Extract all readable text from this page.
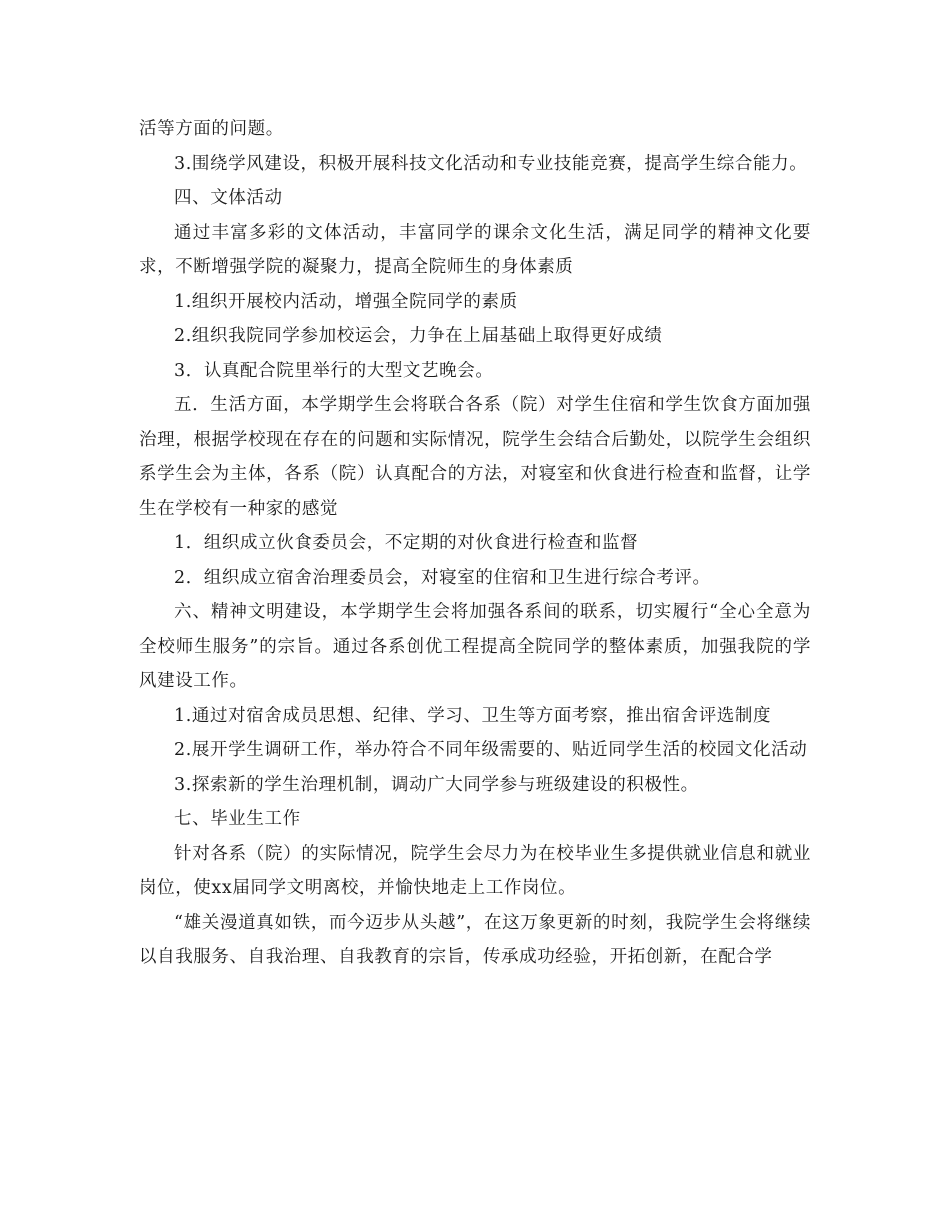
活等方面的问题。

3.围绕学风建设，积极开展科技文化活动和专业技能竞赛，提高学生综合能力。

四、文体活动

通过丰富多彩的文体活动，丰富同学的课余文化生活，满足同学的精神文化要求，不断增强学院的凝聚力，提高全院师生的身体素质

1.组织开展校内活动，增强全院同学的素质

2.组织我院同学参加校运会，力争在上届基础上取得更好成绩

3．认真配合院里举行的大型文艺晚会。

五．生活方面，本学期学生会将联合各系（院）对学生住宿和学生饮食方面加强治理，根据学校现在存在的问题和实际情况，院学生会结合后勤处，以院学生会组织系学生会为主体，各系（院）认真配合的方法，对寝室和伙食进行检查和监督，让学生在学校有一种家的感觉

1．组织成立伙食委员会，不定期的对伙食进行检查和监督

2．组织成立宿舍治理委员会，对寝室的住宿和卫生进行综合考评。

六、精神文明建设，本学期学生会将加强各系间的联系，切实履行“全心全意为全校师生服务”的宗旨。通过各系创优工程提高全院同学的整体素质，加强我院的学风建设工作。

1.通过对宿舍成员思想、纪律、学习、卫生等方面考察，推出宿舍评选制度

2.展开学生调研工作，举办符合不同年级需要的、贴近同学生活的校园文化活动

3.探索新的学生治理机制，调动广大同学参与班级建设的积极性。

七、毕业生工作

针对各系（院）的实际情况，院学生会尽力为在校毕业生多提供就业信息和就业岗位，使xx届同学文明离校，并愉快地走上工作岗位。

“雄关漫道真如铁，而今迈步从头越”，在这万象更新的时刻，我院学生会将继续以自我服务、自我治理、自我教育的宗旨，传承成功经验，开拓创新，在配合学
